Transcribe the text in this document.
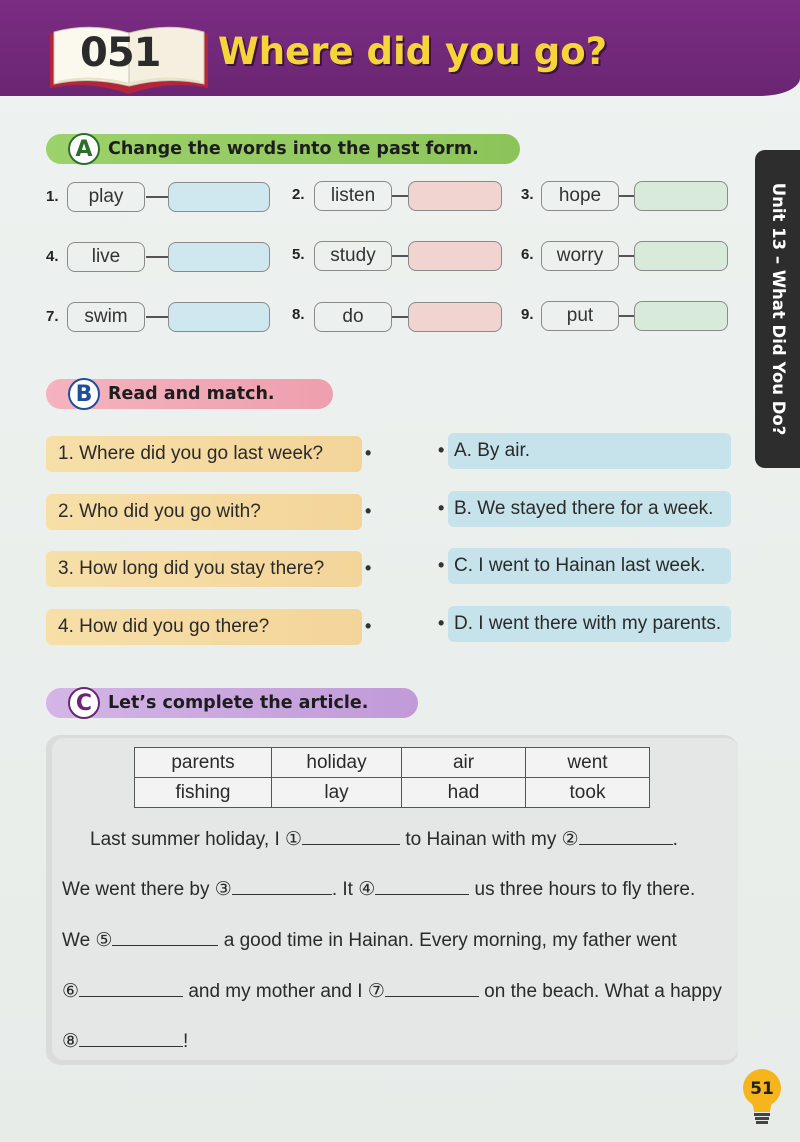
051 Where did you go?
Unit 13 – What Did You Do?
A Change the words into the past form.
1.	play	2.	listen	3.	hope
4.	live	5.	study	6.	worry
7.	swim	8.	do	9.	put
B Read and match.
1. Where did you go last week?
2. Who did you go with?
3. How long did you stay there?
4. How did you go there?
•
•
•
•
•
•
•
•
A. By air.
B. We stayed there for a week.
C. I went to Hainan last week.
D. I went there with my parents.
C Let’s complete the article.
parents	holiday	air	went
fishing	lay	had	took
Last summer holiday, I ①	to Hainan with my ②	.
We went there by ③	. It ④	us three hours to fly there.
We ⑤	a good time in Hainan. Every morning, my father went
⑥	and my mother and I ⑦	on the beach. What a happy
⑧	!
51
